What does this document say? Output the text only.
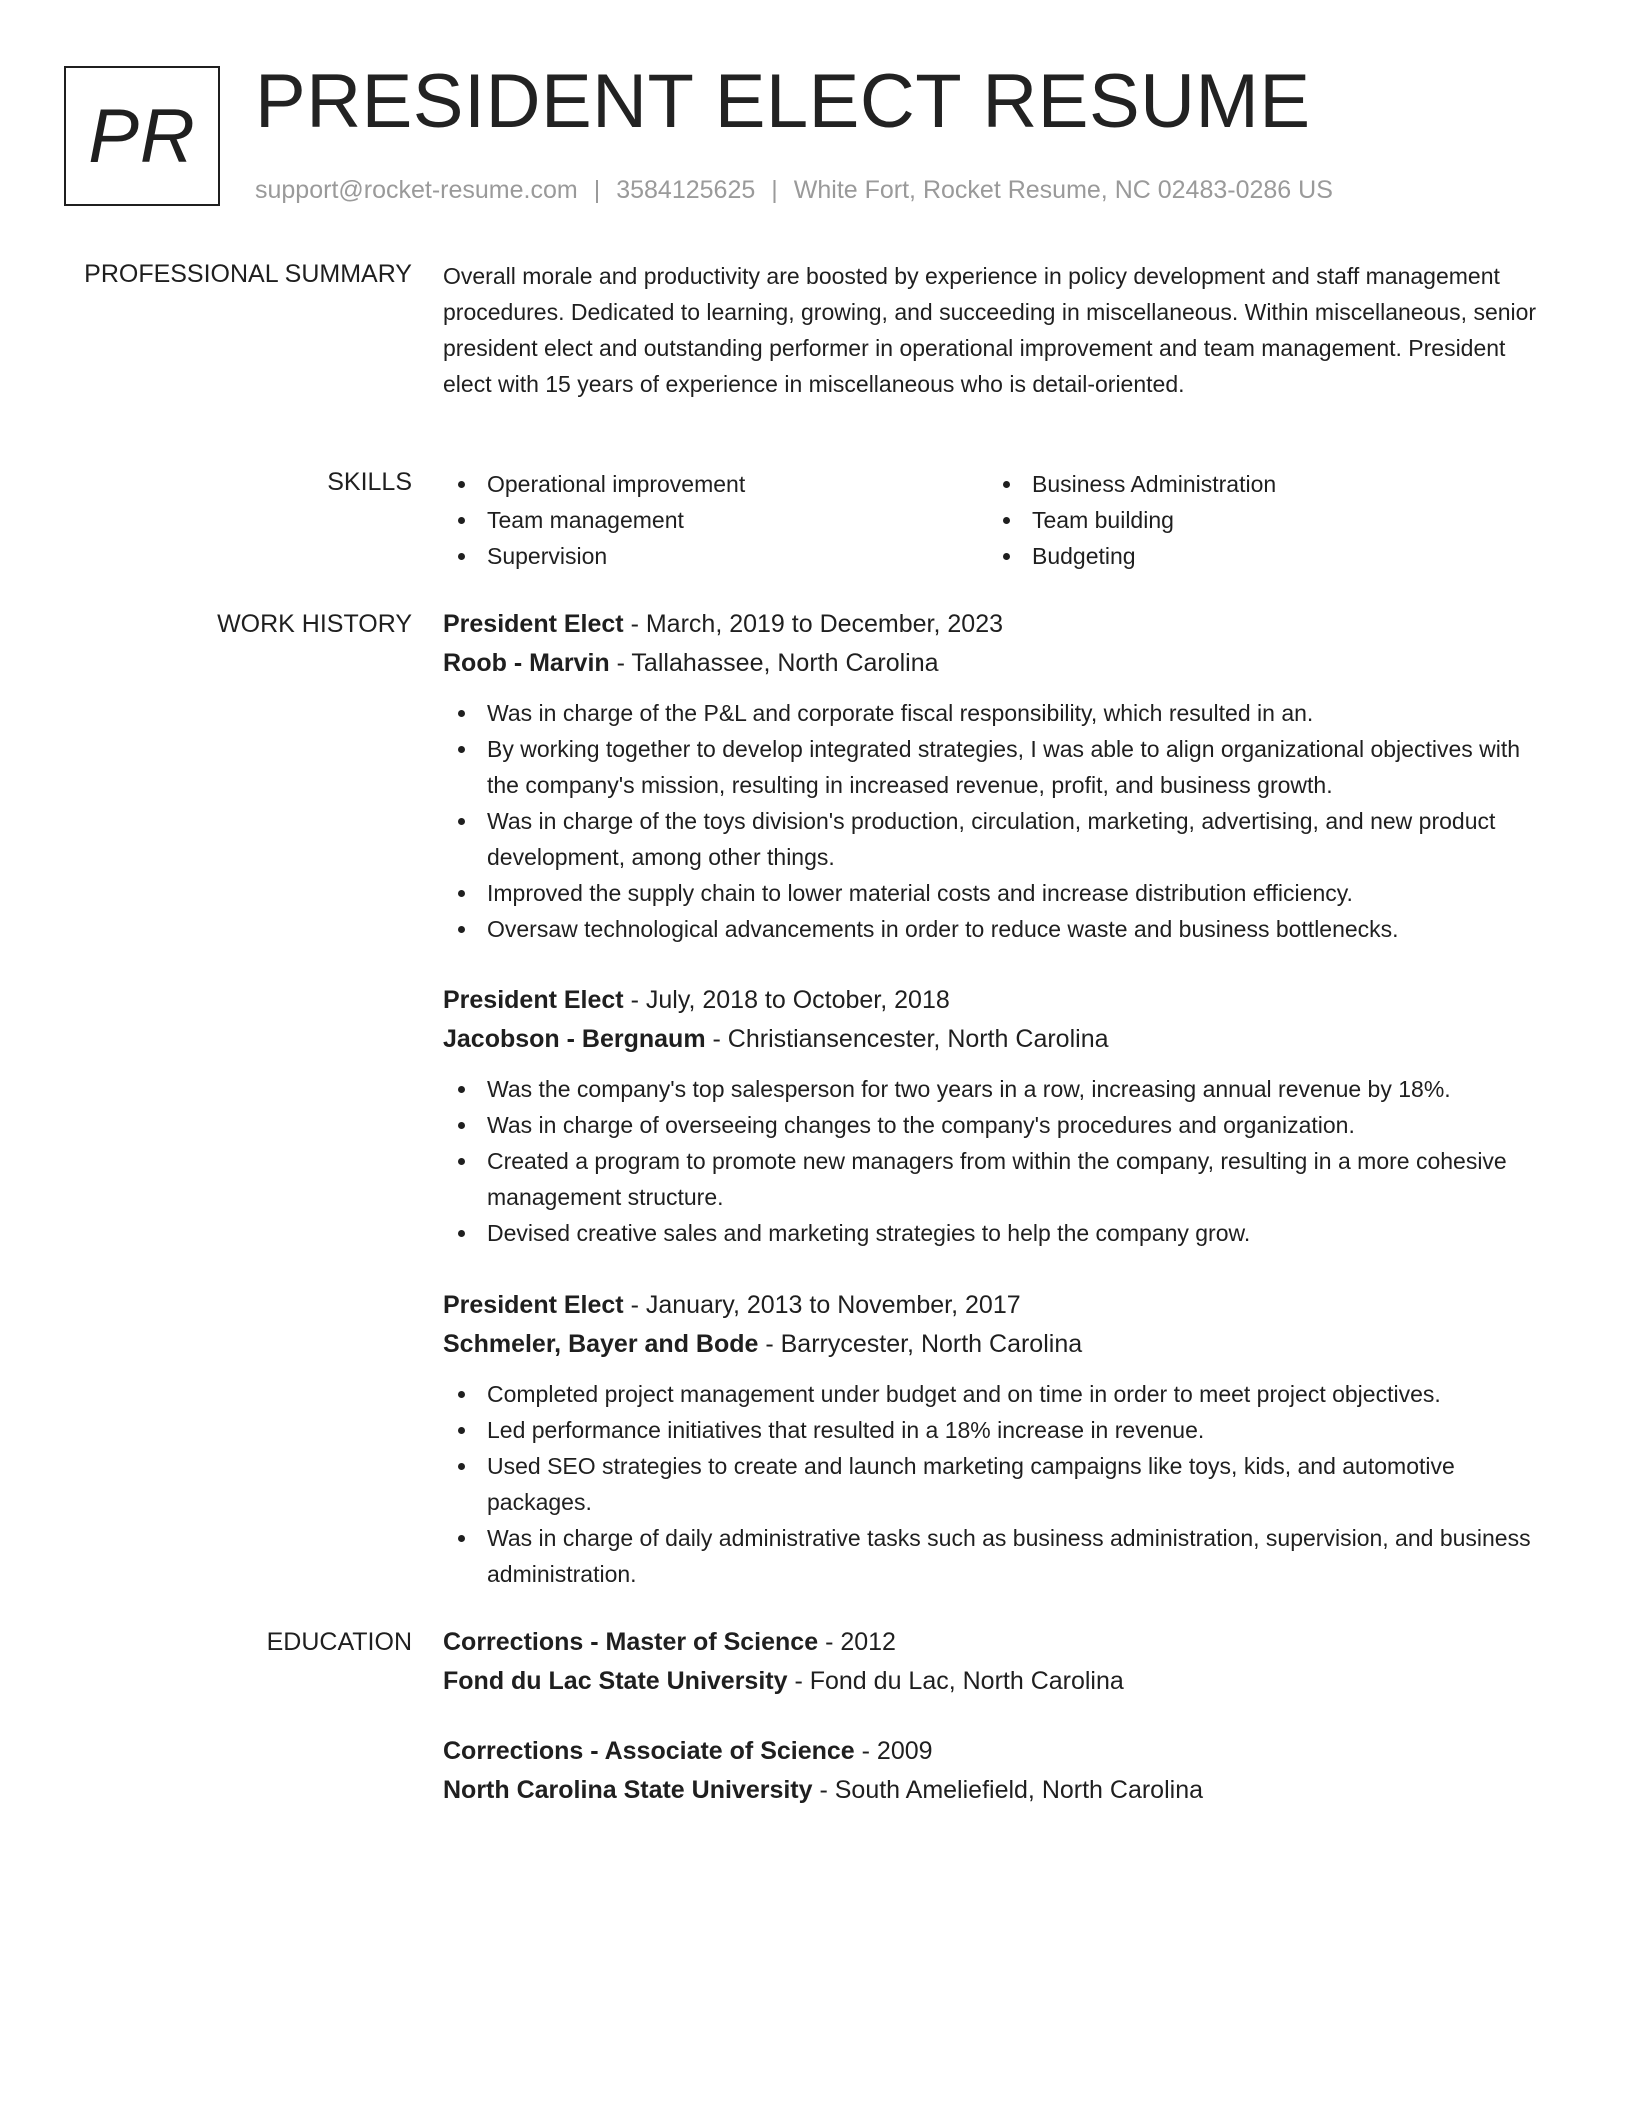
PR PRESIDENT ELECT RESUME
support@rocket-resume.com | 3584125625 | White Fort, Rocket Resume, NC 02483-0286 US
PROFESSIONAL SUMMARY Overall morale and productivity are boosted by experience in policy development and staff management procedures. Dedicated to learning, growing, and succeeding in miscellaneous. Within miscellaneous, senior president elect and outstanding performer in operational improvement and team management. President elect with 15 years of experience in miscellaneous who is detail-oriented.
SKILLS	Operational improvement
Team management
Supervision
Business Administration
Team building
Budgeting
WORK HISTORY President Elect - March, 2019 to December, 2023
Roob - Marvin - Tallahassee, North Carolina
Was in charge of the P&L and corporate fiscal responsibility, which resulted in an.
By working together to develop integrated strategies, I was able to align organizational objectives with the company's mission, resulting in increased revenue, profit, and business growth.
Was in charge of the toys division's production, circulation, marketing, advertising, and new product development, among other things.
Improved the supply chain to lower material costs and increase distribution efficiency.
Oversaw technological advancements in order to reduce waste and business bottlenecks.
President Elect - July, 2018 to October, 2018
Jacobson - Bergnaum - Christiansencester, North Carolina
Was the company's top salesperson for two years in a row, increasing annual revenue by 18%.
Was in charge of overseeing changes to the company's procedures and organization.
Created a program to promote new managers from within the company, resulting in a more cohesive management structure.
Devised creative sales and marketing strategies to help the company grow.
President Elect - January, 2013 to November, 2017
Schmeler, Bayer and Bode - Barrycester, North Carolina
Completed project management under budget and on time in order to meet project objectives.
Led performance initiatives that resulted in a 18% increase in revenue.
Used SEO strategies to create and launch marketing campaigns like toys, kids, and automotive packages.
Was in charge of daily administrative tasks such as business administration, supervision, and business administration.
EDUCATION Corrections - Master of Science - 2012
Fond du Lac State University - Fond du Lac, North Carolina
Corrections - Associate of Science - 2009
North Carolina State University - South Ameliefield, North Carolina
